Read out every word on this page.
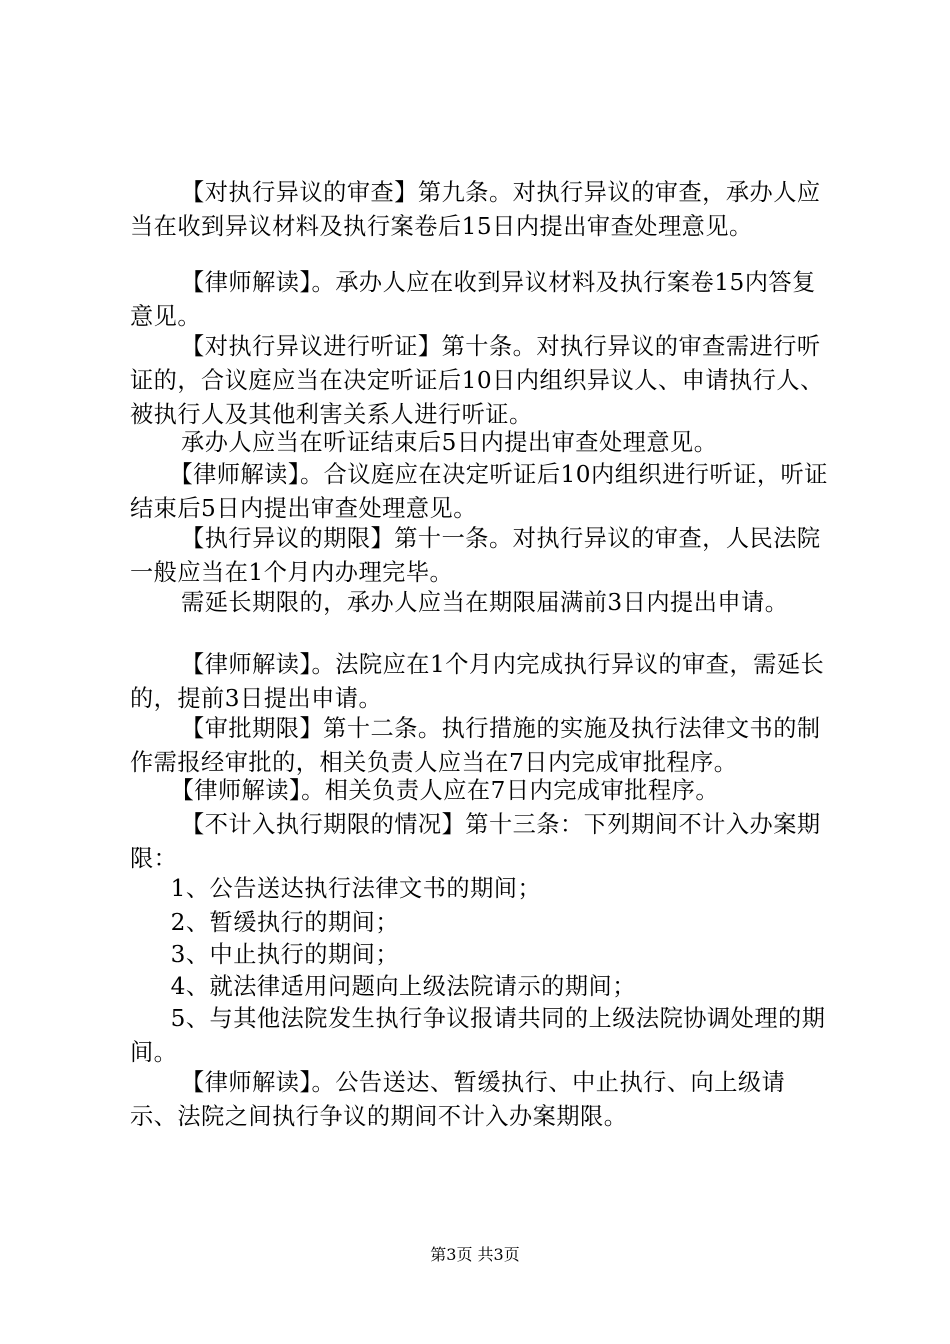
【对执行异议的审查】第九条。对执行异议的审查，承办人应当在收到异议材料及执行案卷后15日内提出审查处理意见。

【律师解读】。承办人应在收到异议材料及执行案卷15内答复意见。

【对执行异议进行听证】第十条。对执行异议的审查需进行听证的，合议庭应当在决定听证后10日内组织异议人、申请执行人、被执行人及其他利害关系人进行听证。

承办人应当在听证结束后5日内提出审查处理意见。

【律师解读】。合议庭应在决定听证后10内组织进行听证，听证结束后5日内提出审查处理意见。

【执行异议的期限】第十一条。对执行异议的审查，人民法院一般应当在1个月内办理完毕。

需延长期限的，承办人应当在期限届满前3日内提出申请。

【律师解读】。法院应在1个月内完成执行异议的审查，需延长的，提前3日提出申请。

【审批期限】第十二条。执行措施的实施及执行法律文书的制作需报经审批的，相关负责人应当在7日内完成审批程序。

【律师解读】。相关负责人应在7日内完成审批程序。

【不计入执行期限的情况】第十三条：下列期间不计入办案期限：

1、公告送达执行法律文书的期间；

2、暂缓执行的期间；

3、中止执行的期间；

4、就法律适用问题向上级法院请示的期间；

5、与其他法院发生执行争议报请共同的上级法院协调处理的期间。

【律师解读】。公告送达、暂缓执行、中止执行、向上级请示、法院之间执行争议的期间不计入办案期限。

第3页 共3页
